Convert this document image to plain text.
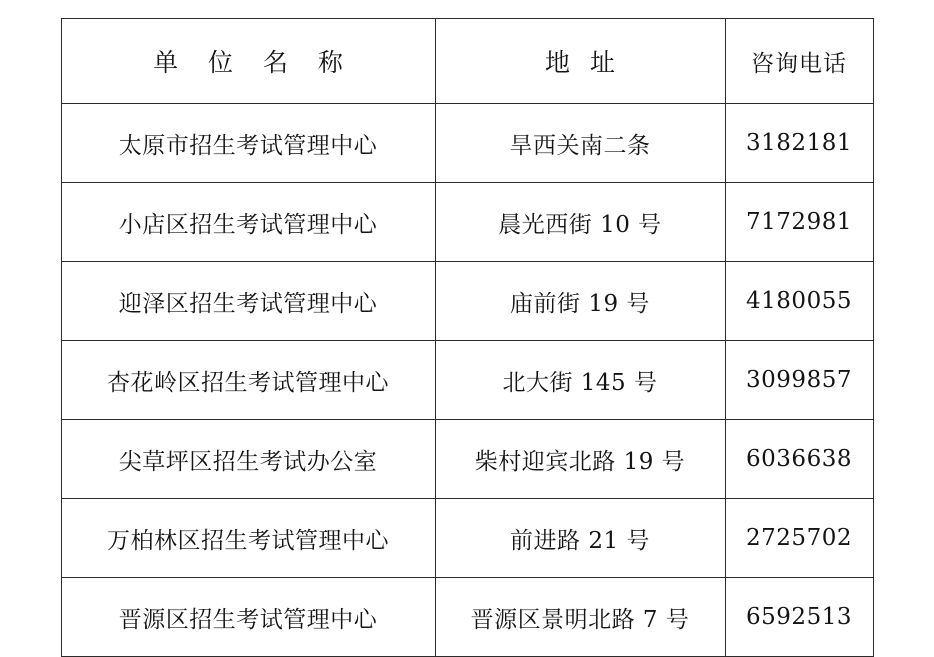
单 位 名 称	地 址	咨询电话
太原市招生考试管理中心	旱西关南二条	3182181
小店区招生考试管理中心	晨光西街 10 号	7172981
迎泽区招生考试管理中心	庙前街 19 号	4180055
杏花岭区招生考试管理中心	北大街 145 号	3099857
尖草坪区招生考试办公室	柴村迎宾北路 19 号	6036638
万柏林区招生考试管理中心	前进路 21 号	2725702
晋源区招生考试管理中心	晋源区景明北路 7 号	6592513
